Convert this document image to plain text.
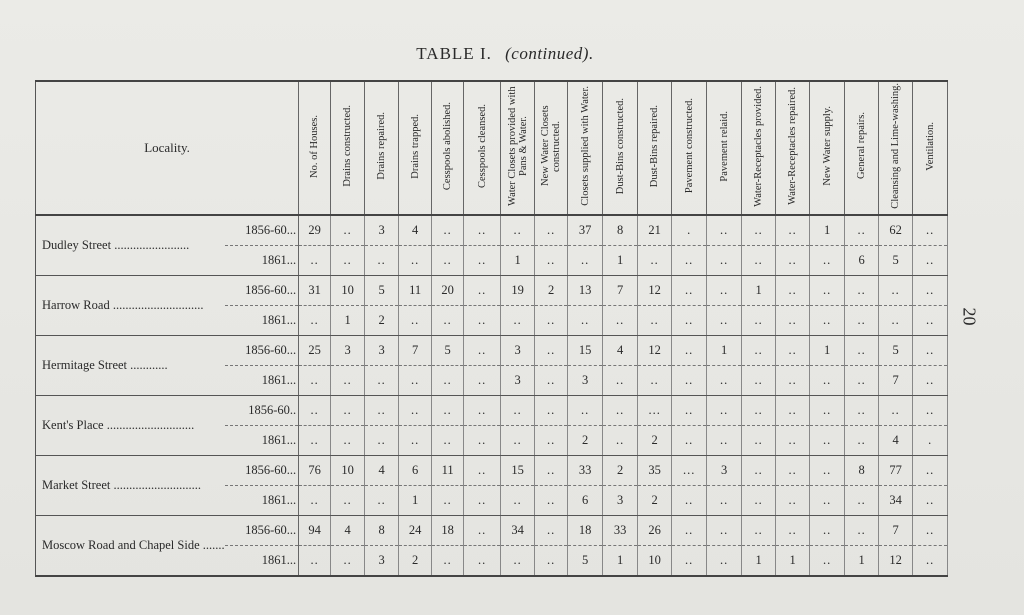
TABLE I. (continued).
20
Locality.		No. of Houses.	Drains constructed.	Drains repaired.	Drains trapped.	Cesspools abolished.	Cesspools cleansed.	Water Closets provided with Pans & Water.	New Water Closets constructed.	Closets supplied with Water.	Dust-Bins constructed.	Dust-Bins repaired.	Pavement constructed.	Pavement relaid.	Water-Receptacles provided.	Water-Receptacles repaired.	New Water supply.	General repairs.	Cleansing and Lime-washing.	Ventilation.
Dudley Street ........................	1856-60...	29	..	3	4	..	..	..	..	37	8	21	.	..	..	..	1	..	62	..
	1861...	..	..	..	..	..	..	1	..	..	1	..	..	..	..	..	..	6	5	..
Harrow Road .............................	1856-60...	31	10	5	11	20	..	19	2	13	7	12	..	..	1	..	..	..	..	..
	1861...	..	1	2	..	..	..	..	..	..	..	..	..	..	..	..	..	..	..	..
Hermitage Street ............	1856-60...	25	3	3	7	5	..	3	..	15	4	12	..	1	..	..	1	..	5	..
	1861...	..	..	..	..	..	..	3	..	3	..	..	..	..	..	..	..	..	7	..
Kent's Place ............................	1856-60..	..	..	..	..	..	..	..	..	..	..	...	..	..	..	..	..	..	..	..
	1861...	..	..	..	..	..	..	..	..	2	..	2	..	..	..	..	..	..	4	.
Market Street ............................	1856-60...	76	10	4	6	11	..	15	..	33	2	35	...	3	..	..	..	8	77	..
	1861...	..	..	..	1	..	..	..	..	6	3	2	..	..	..	..	..	..	34	..
Moscow Road and Chapel Side .......	1856-60...	94	4	8	24	18	..	34	..	18	33	26	..	..	..	..	..	..	7	..
	1861...	..	..	3	2	..	..	..	..	5	1	10	..	..	1	1	..	1	12	..
